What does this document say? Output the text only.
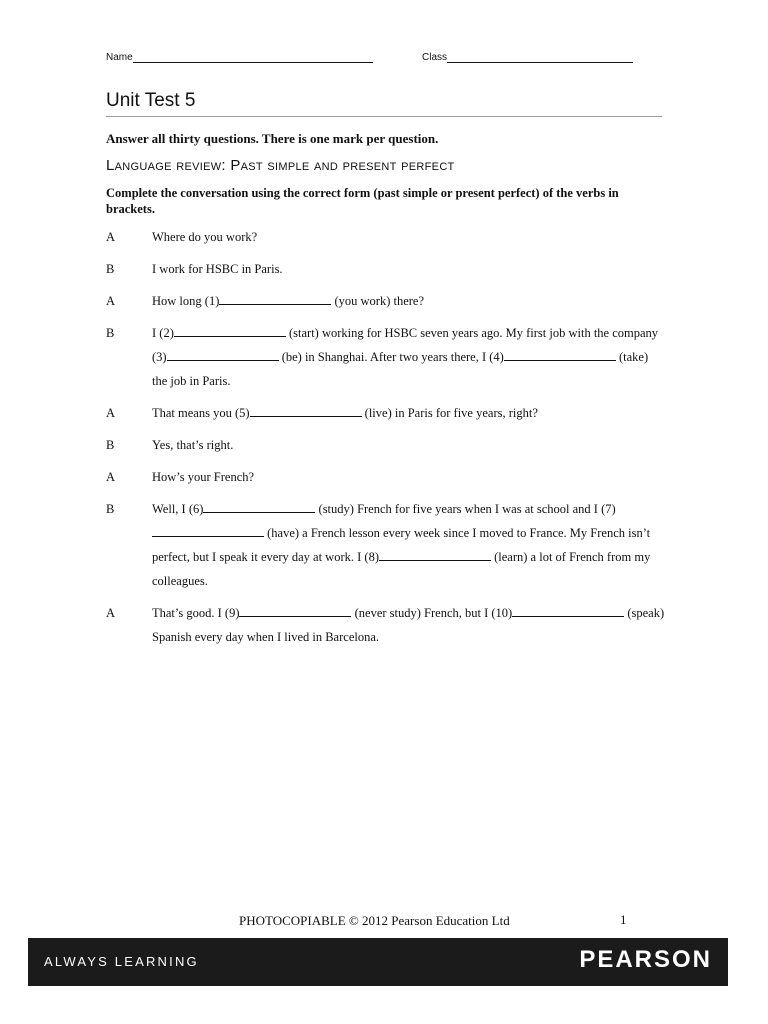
Name	Class
Unit Test 5

Answer all thirty questions. There is one mark per question.

Language review: Past simple and present perfect

Complete the conversation using the correct form (past simple or present perfect) of the verbs in brackets.

A	Where do you work?
B	I work for HSBC in Paris.
A	How long (1)	(you work) there?
B	I (2)	(start) working for HSBC seven years ago. My first job with the company (3)	(be) in Shanghai. After two years there, I (4)	(take) the job in Paris.
A	That means you (5)	(live) in Paris for five years, right?
B	Yes, that’s right.
A	How’s your French?
B	Well, I (6)	(study) French for five years when I was at school and I (7) (have) a French lesson every week since I moved to France. My French isn’t perfect, but I speak it every day at work. I (8)	(learn) a lot of French from my colleagues.
A	That’s good. I (9)	(never study) French, but I (10)	(speak) Spanish every day when I lived in Barcelona.
PHOTOCOPIABLE © 2012 Pearson Education Ltd	1
ALWAYS LEARNING	PEARSON
